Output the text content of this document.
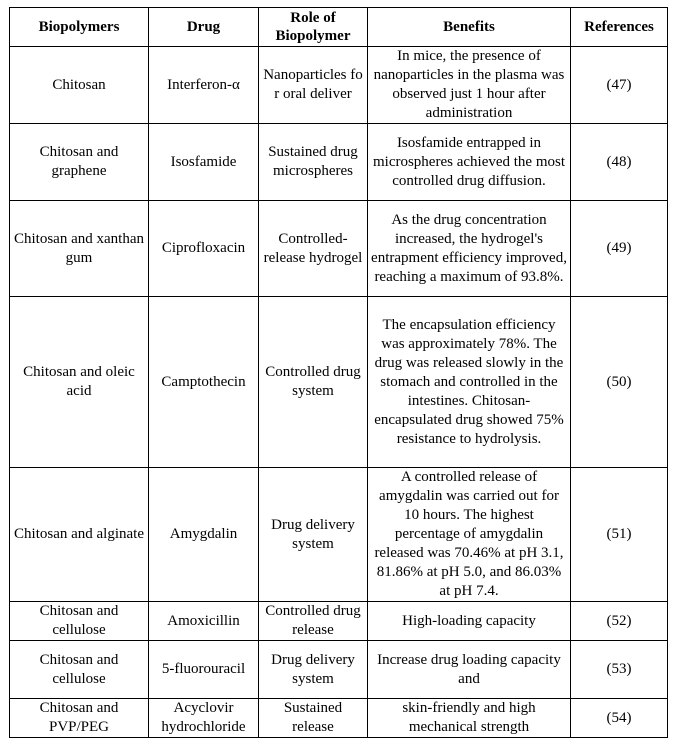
Biopolymers	Drug	Role of Biopolymer	Benefits	References
Chitosan	Interferon-α	Nanoparticles for oral deliver	In mice, the presence of nanoparticles in the plasma was observed just 1 hour after administration	(47)
Chitosan and graphene	Isosfamide	Sustained drug microspheres	Isosfamide entrapped in microspheres achieved the most controlled drug diffusion.	(48)
Chitosan and xanthan gum	Ciprofloxacin	Controlled-release hydrogel	As the drug concentration increased, the hydrogel's entrapment efficiency improved, reaching a maximum of 93.8%.	(49)
Chitosan and oleic acid	Camptothecin	Controlled drug system	The encapsulation efficiency was approximately 78%. The drug was released slowly in the stomach and controlled in the intestines. Chitosan-encapsulated drug showed 75% resistance to hydrolysis.	(50)
Chitosan and alginate	Amygdalin	Drug delivery system	A controlled release of amygdalin was carried out for 10 hours. The highest percentage of amygdalin released was 70.46% at pH 3.1, 81.86% at pH 5.0, and 86.03% at pH 7.4.	(51)
Chitosan and cellulose	Amoxicillin	Controlled drug release	High-loading capacity	(52)
Chitosan and cellulose	5-fluorouracil	Drug delivery system	Increase drug loading capacity and	(53)
Chitosan and PVP/PEG	Acyclovir hydrochloride	Sustained release	skin-friendly and high mechanical strength	(54)
